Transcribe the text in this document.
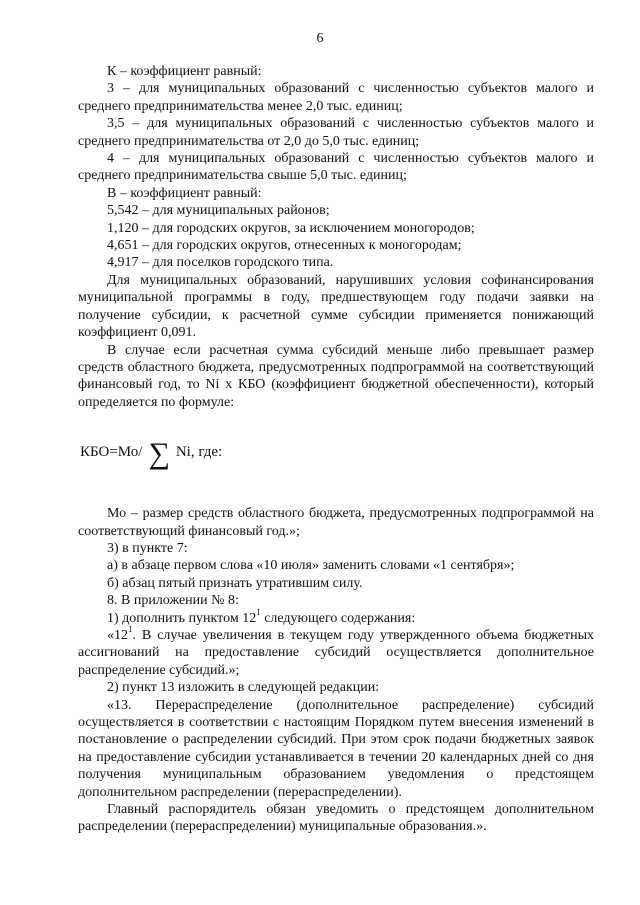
6

К – коэффициент равный:

3 – для муниципальных образований с численностью субъектов малого и среднего предпринимательства менее 2,0 тыс. единиц;

3,5 – для муниципальных образований с численностью субъектов малого и среднего предпринимательства от 2,0 до 5,0 тыс. единиц;

4 – для муниципальных образований с численностью субъектов малого и среднего предпринимательства свыше 5,0 тыс. единиц;

В – коэффициент равный:

5,542 – для муниципальных районов;

1,120 – для городских округов, за исключением моногородов;

4,651 – для городских округов, отнесенных к моногородам;

4,917 – для поселков городского типа.

Для муниципальных образований, нарушивших условия софинансирования муниципальной программы в году, предшествующем году подачи заявки на получение субсидии, к расчетной сумме субсидии применяется понижающий коэффициент 0,091.

В случае если расчетная сумма субсидий меньше либо превышает размер средств областного бюджета, предусмотренных подпрограммой на соответствующий финансовый год, то Ni x КБО (коэффициент бюджетной обеспеченности), который определяется по формуле:

КБО=Мо/ ∑ Ni, где:

Мо – размер средств областного бюджета, предусмотренных подпрограммой на соответствующий финансовый год.»;

3) в пункте 7:

а) в абзаце первом слова «10 июля» заменить словами «1 сентября»;

б) абзац пятый признать утратившим силу.

8. В приложении № 8:

1) дополнить пунктом $12^1$ следующего содержания:

«$12^1$. В случае увеличения в текущем году утвержденного объема бюджетных ассигнований на предоставление субсидий осуществляется дополнительное распределение субсидий.»;

2) пункт 13 изложить в следующей редакции:

«13. Перераспределение (дополнительное распределение) субсидий осуществляется в соответствии с настоящим Порядком путем внесения изменений в постановление о распределении субсидий. При этом срок подачи бюджетных заявок на предоставление субсидии устанавливается в течении 20 календарных дней со дня получения муниципальным образованием уведомления о предстоящем дополнительном распределении (перераспределении).

Главный распорядитель обязан уведомить о предстоящем дополнительном распределении (перераспределении) муниципальные образования.».
